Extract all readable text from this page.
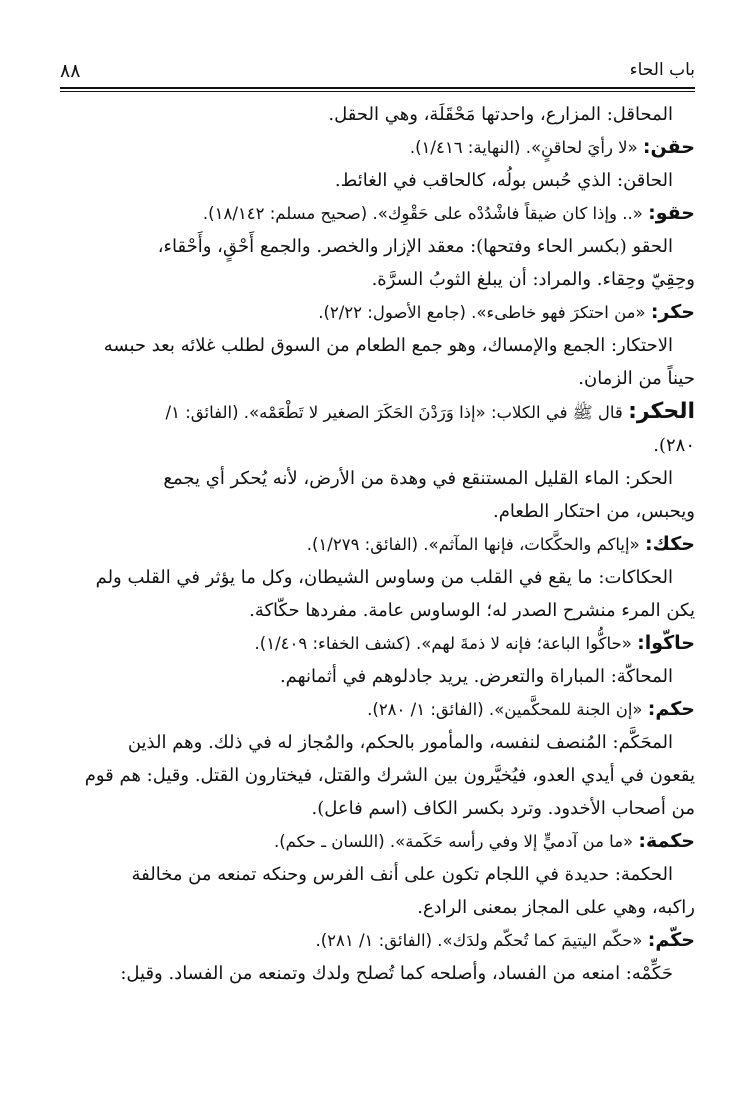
باب الحاء
٨٨

المحاقل: المزارع، واحدتها مَحْقَلَة، وهي الحقل.

حقن: «لا رأيَ لحاقنٍ». (النهاية: ١/٤١٦).

الحاقن: الذي حُبس بولُه، كالحاقب في الغائط.

حقو: «.. وإذا كان ضيقاً فاشْدُدْه على حَقْوِك». (صحيح مسلم: ١٨/١٤٢).

الحقو (بكسر الحاء وفتحها): معقد الإزار والخصر. والجمع أَحْقٍ، وأَحْقاء،

وحِقِيّ وحِقاء. والمراد: أن يبلغ الثوبُ السرَّة.

حكر: «من احتكرَ فهو خاطىء». (جامع الأصول: ٢/٢٢).

الاحتكار: الجمع والإمساك، وهو جمع الطعام من السوق لطلب غلائه بعد حبسه

حيناً من الزمان.

الحكر: قال ﷺ في الكلاب: «إذا وَرَدْنَ الحَكَرَ الصغير لا تَطْعَمْه». (الفائق: ١/

٢٨٠).

الحكر: الماء القليل المستنقع في وهدة من الأرض، لأنه يُحكر أي يجمع

ويحبس، من احتكار الطعام.

حكك: «إياكم والحكَّكات، فإنها المآثم». (الفائق: ١/٢٧٩).

الحكاكات: ما يقع في القلب من وساوس الشيطان، وكل ما يؤثر في القلب ولم

يكن المرء منشرح الصدر له؛ الوساوس عامة. مفردها حكّاكة.

حاكّوا: «حاكُّوا الباعة؛ فإنه لا ذمةَ لهم». (كشف الخفاء: ١/٤٠٩).

المحاكّة: المباراة والتعرض. يريد جادلوهم في أثمانهم.

حكم: «إن الجنة للمحكَّمين». (الفائق: ١/ ٢٨٠).

المحَكَّم: المُنصف لنفسه، والمأمور بالحكم، والمُجاز له في ذلك. وهم الذين

يقعون في أيدي العدو، فيُخيَّرون بين الشرك والقتل، فيختارون القتل. وقيل: هم قوم

من أصحاب الأخدود. وترد بكسر الكاف (اسم فاعل).

حكمة: «ما من آدميٍّ إلا وفي رأسه حَكَمة». (اللسان ـ حكم).

الحكمة: حديدة في اللجام تكون على أنف الفرس وحنكه تمنعه من مخالفة

راكبه، وهي على المجاز بمعنى الرادع.

حكّم: «حكّم اليتيمَ كما تُحكّم ولدَك». (الفائق: ١/ ٢٨١).

حَكِّمْه: امنعه من الفساد، وأصلحه كما تُصلح ولدك وتمنعه من الفساد. وقيل:
